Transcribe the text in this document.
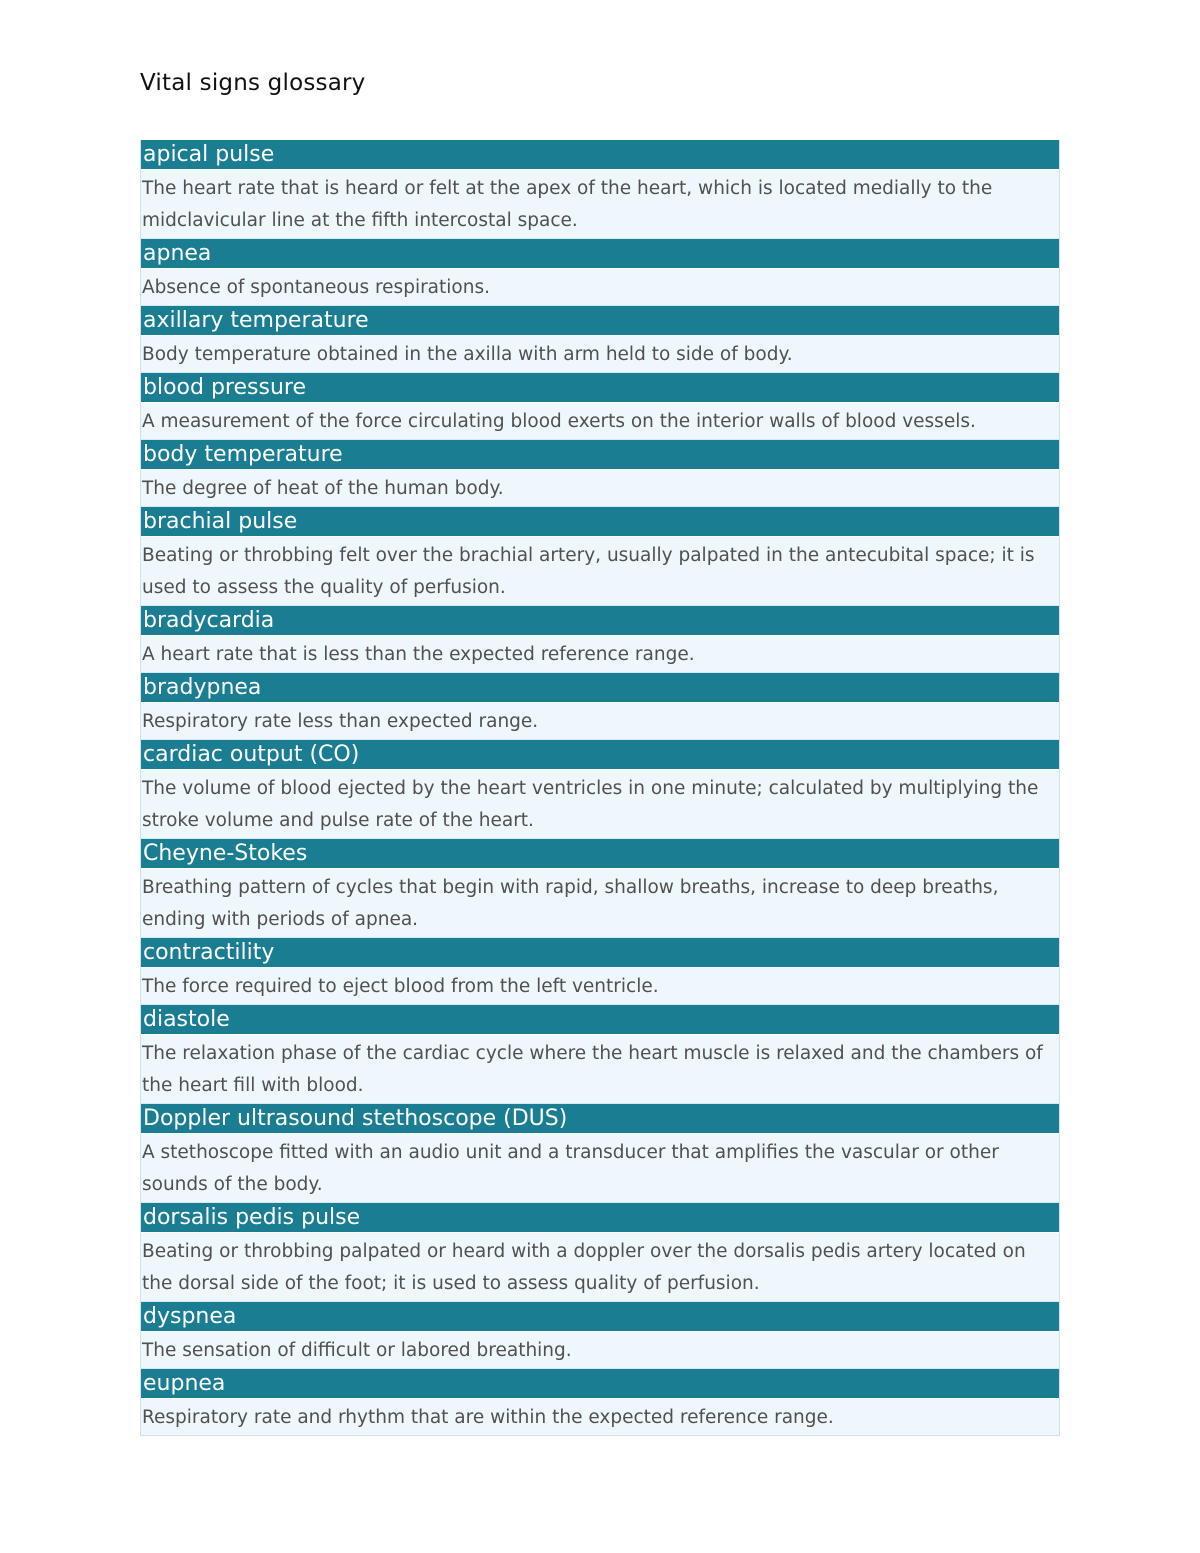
Vital signs glossary
apical pulse
The heart rate that is heard or felt at the apex of the heart, which is located medially to the midclavicular line at the fifth intercostal space.
apnea
Absence of spontaneous respirations.
axillary temperature
Body temperature obtained in the axilla with arm held to side of body.
blood pressure
A measurement of the force circulating blood exerts on the interior walls of blood vessels.
body temperature
The degree of heat of the human body.
brachial pulse
Beating or throbbing felt over the brachial artery, usually palpated in the antecubital space; it is used to assess the quality of perfusion.
bradycardia
A heart rate that is less than the expected reference range.
bradypnea
Respiratory rate less than expected range.
cardiac output (CO)
The volume of blood ejected by the heart ventricles in one minute; calculated by multiplying the stroke volume and pulse rate of the heart.
Cheyne-Stokes
Breathing pattern of cycles that begin with rapid, shallow breaths, increase to deep breaths, ending with periods of apnea.
contractility
The force required to eject blood from the left ventricle.
diastole
The relaxation phase of the cardiac cycle where the heart muscle is relaxed and the chambers of the heart fill with blood.
Doppler ultrasound stethoscope (DUS)
A stethoscope fitted with an audio unit and a transducer that amplifies the vascular or other sounds of the body.
dorsalis pedis pulse
Beating or throbbing palpated or heard with a doppler over the dorsalis pedis artery located on the dorsal side of the foot; it is used to assess quality of perfusion.
dyspnea
The sensation of difficult or labored breathing.
eupnea
Respiratory rate and rhythm that are within the expected reference range.
